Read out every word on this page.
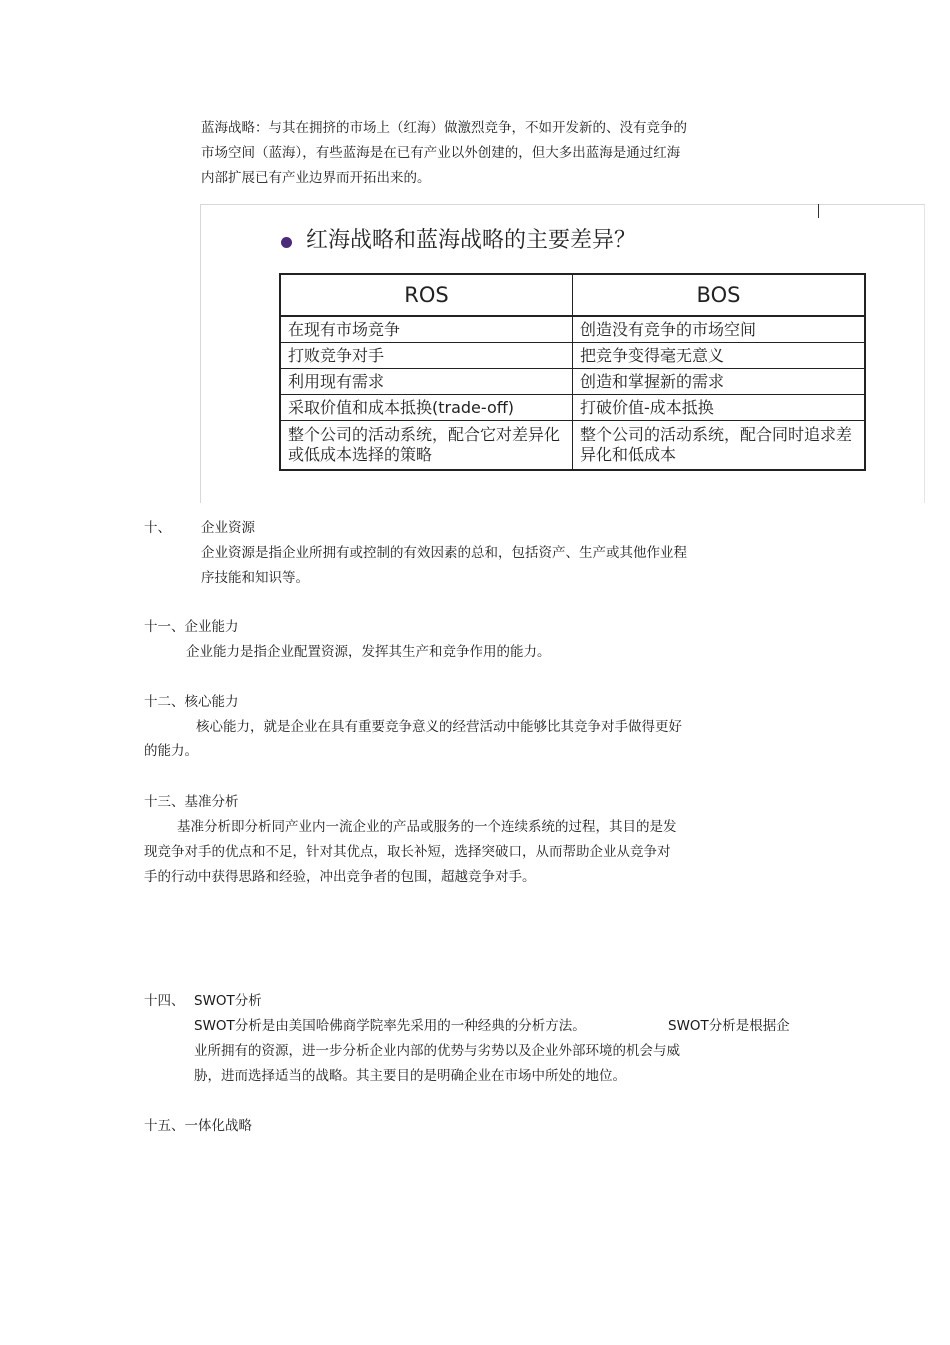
蓝海战略：与其在拥挤的市场上（红海）做激烈竞争，不如开发新的、没有竞争的
市场空间（蓝海），有些蓝海是在已有产业以外创建的，但大多出蓝海是通过红海
内部扩展已有产业边界而开拓出来的。
红海战略和蓝海战略的主要差异？
ROS	BOS
在现有市场竞争	创造没有竞争的市场空间
打败竞争对手	把竞争变得毫无意义
利用现有需求	创造和掌握新的需求
采取价值和成本抵换(trade-off)	打破价值-成本抵换
整个公司的活动系统，配合它对差异化或低成本选择的策略	整个公司的活动系统，配合同时追求差异化和低成本
十、 企业资源
企业资源是指企业所拥有或控制的有效因素的总和，包括资产、生产或其他作业程
序技能和知识等。
十一、企业能力
企业能力是指企业配置资源，发挥其生产和竞争作用的能力。
十二、核心能力
核心能力，就是企业在具有重要竞争意义的经营活动中能够比其竞争对手做得更好
的能力。
十三、基准分析
基准分析即分析同产业内一流企业的产品或服务的一个连续系统的过程，其目的是发
现竞争对手的优点和不足，针对其优点，取长补短，选择突破口，从而帮助企业从竞争对
手的行动中获得思路和经验，冲出竞争者的包围，超越竞争对手。
十四、 SWOT分析
SWOT分析是由美国哈佛商学院率先采用的一种经典的分析方法。	SWOT分析是根据企
业所拥有的资源，进一步分析企业内部的优势与劣势以及企业外部环境的机会与威
胁，进而选择适当的战略。其主要目的是明确企业在市场中所处的地位。
十五、一体化战略
